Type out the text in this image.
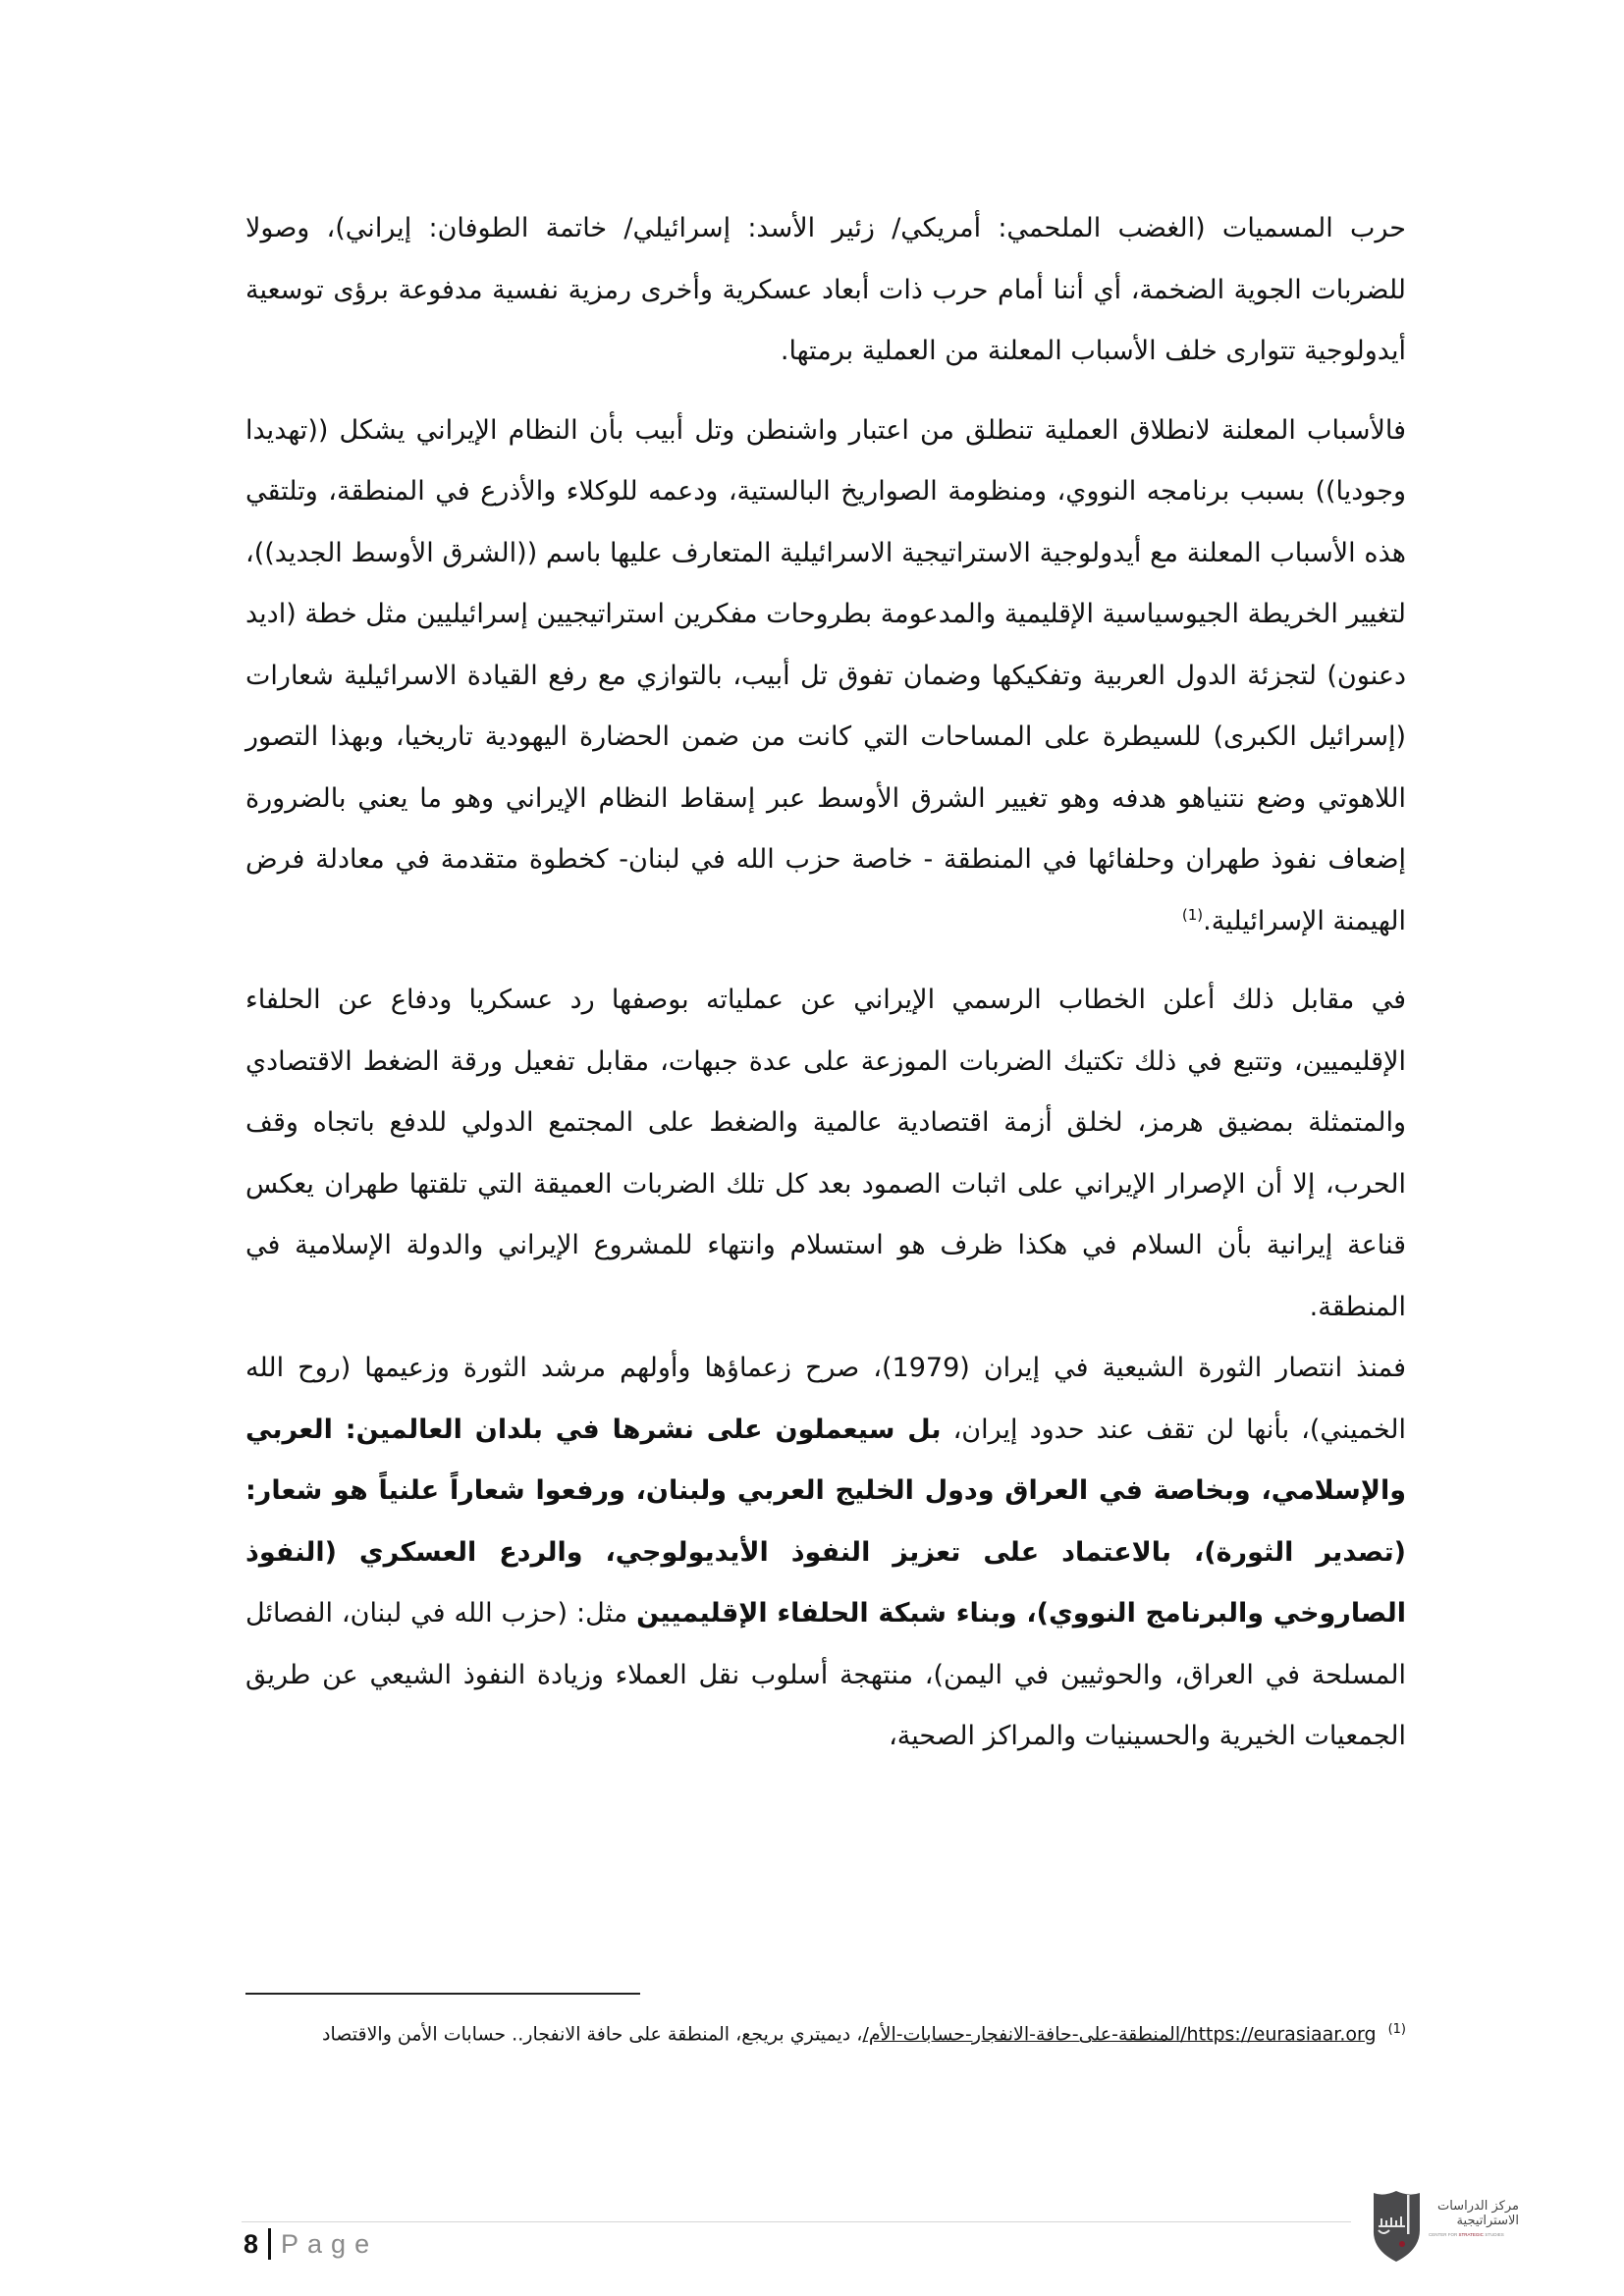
حرب المسميات (الغضب الملحمي: أمريكي/ زئير الأسد: إسرائيلي/ خاتمة الطوفان: إيراني)، وصولا للضربات الجوية الضخمة، أي أننا أمام حرب ذات أبعاد عسكرية وأخرى رمزية نفسية مدفوعة برؤى توسعية أيدولوجية تتوارى خلف الأسباب المعلنة من العملية برمتها.

فالأسباب المعلنة لانطلاق العملية تنطلق من اعتبار واشنطن وتل أبيب بأن النظام الإيراني يشكل ((تهديدا وجوديا)) بسبب برنامجه النووي، ومنظومة الصواريخ البالستية، ودعمه للوكلاء والأذرع في المنطقة، وتلتقي هذه الأسباب المعلنة مع أيدولوجية الاستراتيجية الاسرائيلية المتعارف عليها باسم ((الشرق الأوسط الجديد))، لتغيير الخريطة الجيوسياسية الإقليمية والمدعومة بطروحات مفكرين استراتيجيين إسرائيليين مثل خطة (اديد دعنون) لتجزئة الدول العربية وتفكيكها وضمان تفوق تل أبيب، بالتوازي مع رفع القيادة الاسرائيلية شعارات (إسرائيل الكبرى) للسيطرة على المساحات التي كانت من ضمن الحضارة اليهودية تاريخيا، وبهذا التصور اللاهوتي وضع نتنياهو هدفه وهو تغيير الشرق الأوسط عبر إسقاط النظام الإيراني وهو ما يعني بالضرورة إضعاف نفوذ طهران وحلفائها في المنطقة - خاصة حزب الله في لبنان- كخطوة متقدمة في معادلة فرض الهيمنة الإسرائيلية.$^{(1)}$

في مقابل ذلك أعلن الخطاب الرسمي الإيراني عن عملياته بوصفها رد عسكريا ودفاع عن الحلفاء الإقليميين، وتتبع في ذلك تكتيك الضربات الموزعة على عدة جبهات، مقابل تفعيل ورقة الضغط الاقتصادي والمتمثلة بمضيق هرمز، لخلق أزمة اقتصادية عالمية والضغط على المجتمع الدولي للدفع باتجاه وقف الحرب، إلا أن الإصرار الإيراني على اثبات الصمود بعد كل تلك الضربات العميقة التي تلقتها طهران يعكس قناعة إيرانية بأن السلام في هكذا ظرف هو استسلام وانتهاء للمشروع الإيراني والدولة الإسلامية في المنطقة.

فمنذ انتصار الثورة الشيعية في إيران (1979)، صرح زعماؤها وأولهم مرشد الثورة وزعيمها (روح الله الخميني)، بأنها لن تقف عند حدود إيران، بل سيعملون على نشرها في بلدان العالمين: العربي والإسلامي، وبخاصة في العراق ودول الخليج العربي ولبنان، ورفعوا شعاراً علنياً هو شعار: (تصدير الثورة)، بالاعتماد على تعزيز النفوذ الأيديولوجي، والردع العسكري (النفوذ الصاروخي والبرنامج النووي)، وبناء شبكة الحلفاء الإقليميين مثل: (حزب الله في لبنان، الفصائل المسلحة في العراق، والحوثيين في اليمن)، منتهجة أسلوب نقل العملاء وزيادة النفوذ الشيعي عن طريق الجمعيات الخيرية والحسينيات والمراكز الصحية،

$^{(1)}$https://eurasiaar.org/المنطقة-على-حافة-الانفجار-حسابات-الأم/، ديميتري بريجع، المنطقة على حافة الانفجار.. حسابات الأمن والاقتصاد
8 Page
مركز الدراسات
الاستراتيجية
CENTER FOR STRATEGIC STUDIES
